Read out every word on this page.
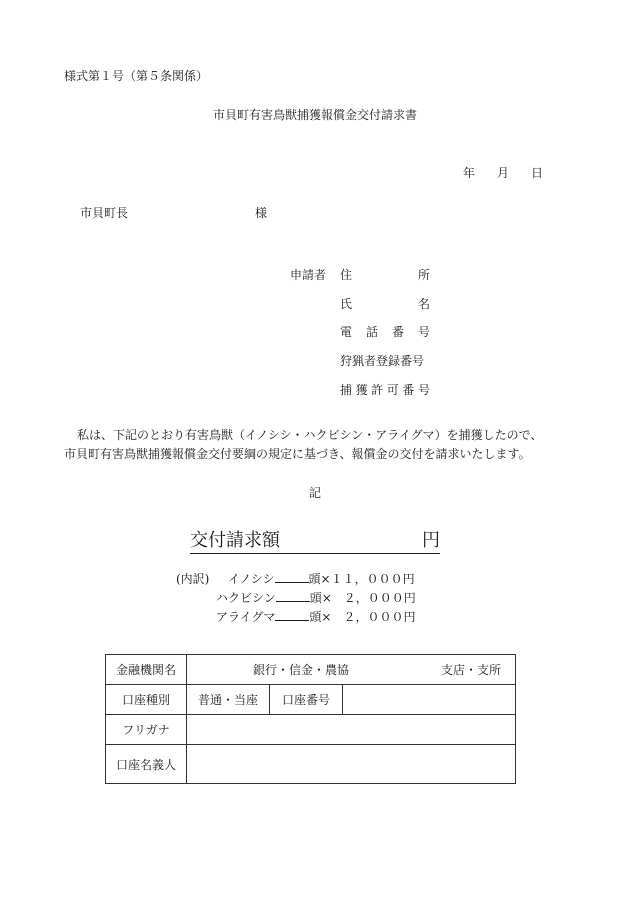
様式第１号（第５条関係）
市貝町有害鳥獣捕獲報償金交付請求書
年 月 日
市貝町長	様
申請者 住	所
氏	名
電 話 番 号
狩猟者登録番号
捕 獲 許 可 番 号
私は、下記のとおり有害鳥獣（イノシシ・ハクビシン・アライグマ）を捕獲したので、
市貝町有害鳥獣捕獲報償金交付要綱の規定に基づき、報償金の交付を請求いたします。
記
交付請求額	円
(内訳) イノシシ	頭×１１，０００円
ハクビシン	頭×　２，０００円
アライグマ	頭×　２，０００円
金融機関名	銀行・信金・農協 支店・支所

口座種別	普通・当座 口座番号

フリガナ	
口座名義人	
